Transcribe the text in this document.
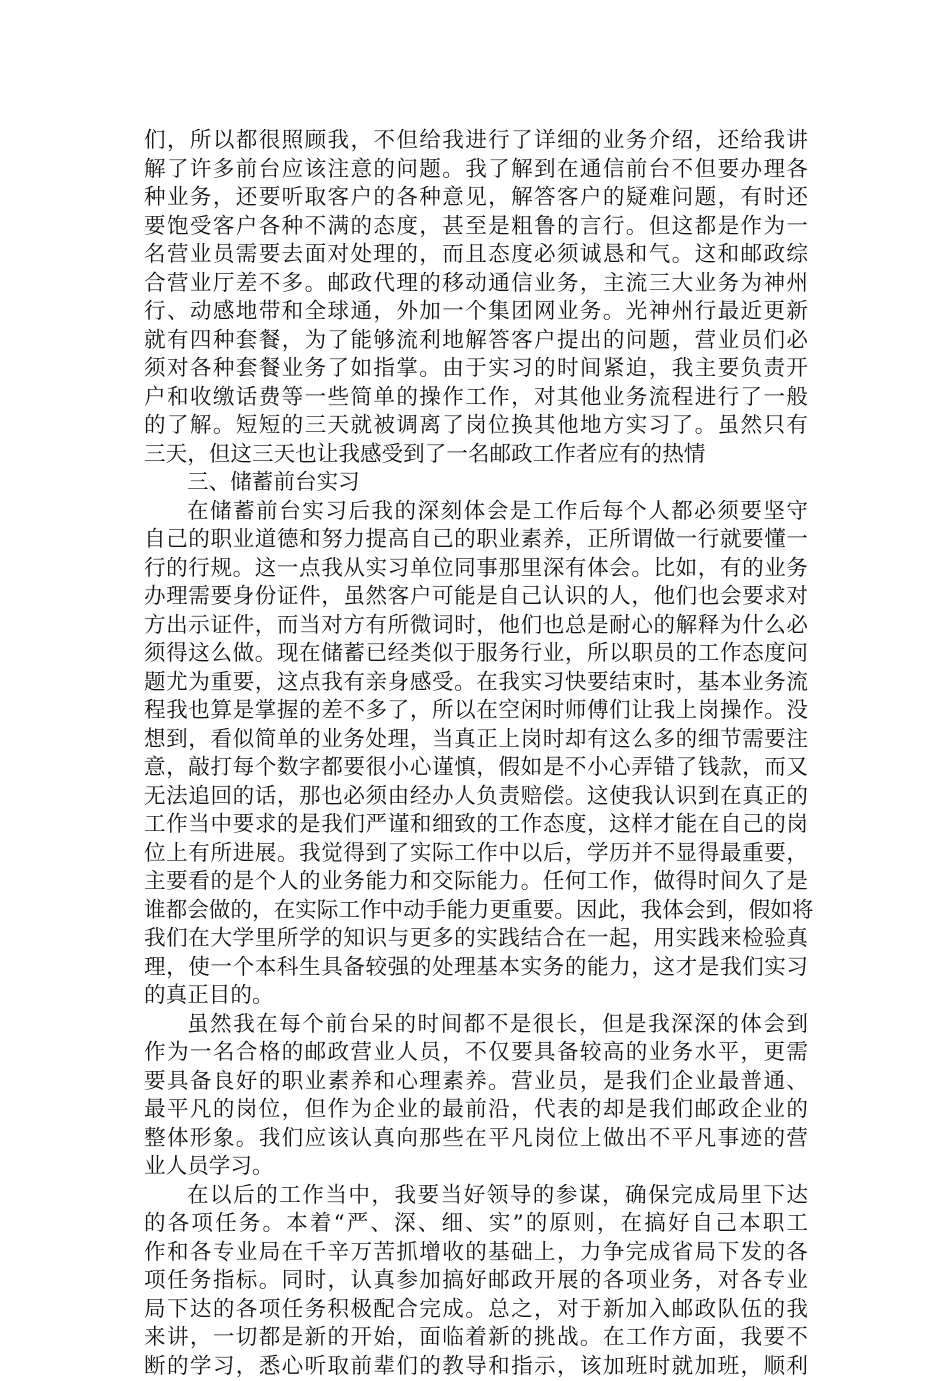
们，所以都很照顾我，不但给我进行了详细的业务介绍，还给我讲
解了许多前台应该注意的问题。我了解到在通信前台不但要办理各
种业务，还要听取客户的各种意见，解答客户的疑难问题，有时还
要饱受客户各种不满的态度，甚至是粗鲁的言行。但这都是作为一
名营业员需要去面对处理的，而且态度必须诚恳和气。这和邮政综
合营业厅差不多。邮政代理的移动通信业务，主流三大业务为神州
行、动感地带和全球通，外加一个集团网业务。光神州行最近更新
就有四种套餐，为了能够流利地解答客户提出的问题，营业员们必
须对各种套餐业务了如指掌。由于实习的时间紧迫，我主要负责开
户和收缴话费等一些简单的操作工作，对其他业务流程进行了一般
的了解。短短的三天就被调离了岗位换其他地方实习了。虽然只有
三天，但这三天也让我感受到了一名邮政工作者应有的热情
三、储蓄前台实习
在储蓄前台实习后我的深刻体会是工作后每个人都必须要坚守
自己的职业道德和努力提高自己的职业素养，正所谓做一行就要懂一
行的行规。这一点我从实习单位同事那里深有体会。比如，有的业务
办理需要身份证件，虽然客户可能是自己认识的人，他们也会要求对
方出示证件，而当对方有所微词时，他们也总是耐心的解释为什么必
须得这么做。现在储蓄已经类似于服务行业，所以职员的工作态度问
题尤为重要，这点我有亲身感受。在我实习快要结束时，基本业务流
程我也算是掌握的差不多了，所以在空闲时师傅们让我上岗操作。没
想到，看似简单的业务处理，当真正上岗时却有这么多的细节需要注
意，敲打每个数字都要很小心谨慎，假如是不小心弄错了钱款，而又
无法追回的话，那也必须由经办人负责赔偿。这使我认识到在真正的
工作当中要求的是我们严谨和细致的工作态度，这样才能在自己的岗
位上有所进展。我觉得到了实际工作中以后，学历并不显得最重要，
主要看的是个人的业务能力和交际能力。任何工作，做得时间久了是
谁都会做的，在实际工作中动手能力更重要。因此，我体会到，假如将
我们在大学里所学的知识与更多的实践结合在一起，用实践来检验真
理，使一个本科生具备较强的处理基本实务的能力，这才是我们实习
的真正目的。
虽然我在每个前台呆的时间都不是很长，但是我深深的体会到
作为一名合格的邮政营业人员，不仅要具备较高的业务水平，更需
要具备良好的职业素养和心理素养。营业员，是我们企业最普通、
最平凡的岗位，但作为企业的最前沿，代表的却是我们邮政企业的
整体形象。我们应该认真向那些在平凡岗位上做出不平凡事迹的营
业人员学习。
在以后的工作当中，我要当好领导的参谋，确保完成局里下达
的各项任务。本着“严、深、细、实”的原则，在搞好自己本职工
作和各专业局在千辛万苦抓增收的基础上，力争完成省局下发的各
项任务指标。同时，认真参加搞好邮政开展的各项业务，对各专业
局下达的各项任务积极配合完成。总之，对于新加入邮政队伍的我
来讲，一切都是新的开始，面临着新的挑战。在工作方面，我要不
断的学习，悉心听取前辈们的教导和指示，该加班时就加班，顺利
